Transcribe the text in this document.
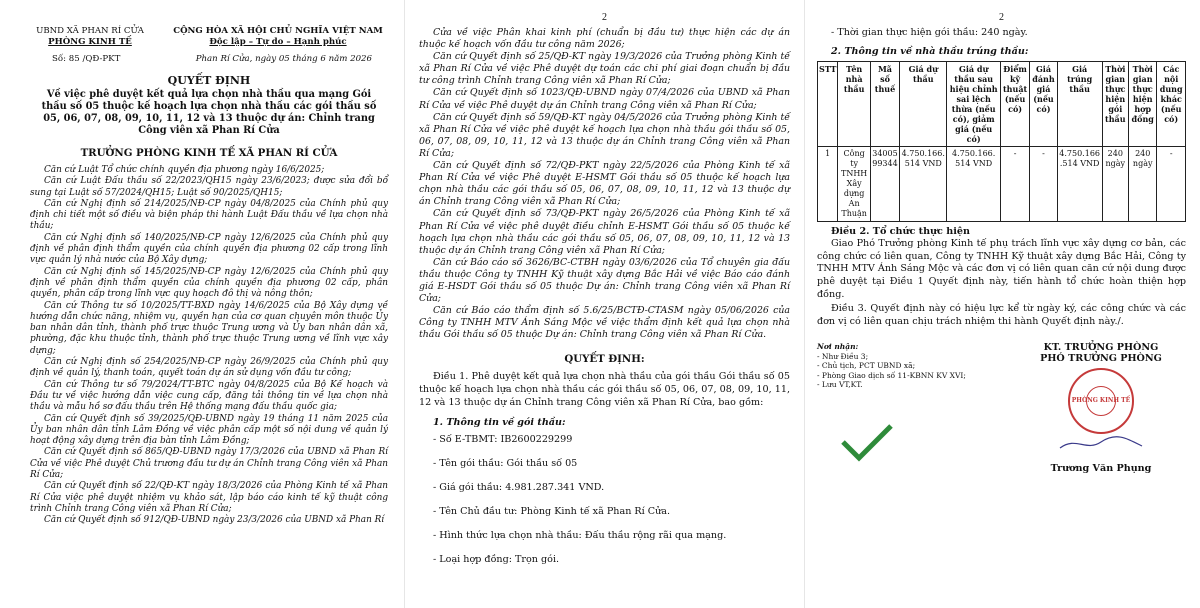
UBND XÃ PHAN RÍ CỬA
PHÒNG KINH TẾ
CỘNG HÒA XÃ HỘI CHỦ NGHĨA VIỆT NAM
Độc lập – Tự do – Hạnh phúc
Số: 85 /QĐ-PKT	Phan Rí Cửa, ngày 05 tháng 6 năm 2026
QUYẾT ĐỊNH
Về việc phê duyệt kết quả lựa chọn nhà thầu qua mạng Gói thầu số 05 thuộc kế hoạch lựa chọn nhà thầu các gói thầu số 05, 06, 07, 08, 09, 10, 11, 12 và 13 thuộc dự án: Chỉnh trang Công viên xã Phan Rí Cửa
TRƯỞNG PHÒNG KINH TẾ XÃ PHAN RÍ CỬA

Căn cứ Luật Tổ chức chính quyền địa phương ngày 16/6/2025;

Căn cứ Luật Đấu thầu số 22/2023/QH15 ngày 23/6/2023; được sửa đổi bổ sung tại Luật số 57/2024/QH15; Luật số 90/2025/QH15;

Căn cứ Nghị định số 214/2025/NĐ-CP ngày 04/8/2025 của Chính phủ quy định chi tiết một số điều và biện pháp thi hành Luật Đấu thầu về lựa chọn nhà thầu;

Căn cứ Nghị định số 140/2025/NĐ-CP ngày 12/6/2025 của Chính phủ quy định về phân định thẩm quyền của chính quyền địa phương 02 cấp trong lĩnh vực quản lý nhà nước của Bộ Xây dựng;

Căn cứ Nghị định số 145/2025/NĐ-CP ngày 12/6/2025 của Chính phủ quy định về phân định thẩm quyền của chính quyền địa phương 02 cấp, phân quyền, phân cấp trong lĩnh vực quy hoạch đô thị và nông thôn;

Căn cứ Thông tư số 10/2025/TT-BXD ngày 14/6/2025 của Bộ Xây dựng về hướng dẫn chức năng, nhiệm vụ, quyền hạn của cơ quan chuyên môn thuộc Ủy ban nhân dân tỉnh, thành phố trực thuộc Trung ương và Ủy ban nhân dân xã, phường, đặc khu thuộc tỉnh, thành phố trực thuộc Trung ương về lĩnh vực xây dựng;

Căn cứ Nghị định số 254/2025/NĐ-CP ngày 26/9/2025 của Chính phủ quy định về quản lý, thanh toán, quyết toán dự án sử dụng vốn đầu tư công;

Căn cứ Thông tư số 79/2024/TT-BTC ngày 04/8/2025 của Bộ Kế hoạch và Đầu tư về việc hướng dẫn việc cung cấp, đăng tải thông tin về lựa chọn nhà thầu và mẫu hồ sơ đấu thầu trên Hệ thống mạng đấu thầu quốc gia;

Căn cứ Quyết định số 39/2025/QĐ-UBND ngày 19 tháng 11 năm 2025 của Ủy ban nhân dân tỉnh Lâm Đồng về việc phân cấp một số nội dung về quản lý hoạt động xây dựng trên địa bàn tỉnh Lâm Đồng;

Căn cứ Quyết định số 865/QĐ-UBND ngày 17/3/2026 của UBND xã Phan Rí Cửa về việc Phê duyệt Chủ trương đầu tư dự án Chỉnh trang Công viên xã Phan Rí Cửa;

Căn cứ Quyết định số 22/QĐ-KT ngày 18/3/2026 của Phòng Kinh tế xã Phan Rí Cửa việc phê duyệt nhiệm vụ khảo sát, lập báo cáo kinh tế kỹ thuật công trình Chỉnh trang Công viên xã Phan Rí Cửa;

Căn cứ Quyết định số 912/QĐ-UBND ngày 23/3/2026 của UBND xã Phan Rí

2

Cửa về việc Phân khai kinh phí (chuẩn bị đầu tư) thực hiện các dự án thuộc kế hoạch vốn đầu tư công năm 2026;

Căn cứ Quyết định số 25/QĐ-KT ngày 19/3/2026 của Trưởng phòng Kinh tế xã Phan Rí Cửa về việc Phê duyệt dự toán các chi phí giai đoạn chuẩn bị đầu tư công trình Chỉnh trang Công viên xã Phan Rí Cửa;

Căn cứ Quyết định số 1023/QĐ-UBND ngày 07/4/2026 của UBND xã Phan Rí Cửa về việc Phê duyệt dự án Chỉnh trang Công viên xã Phan Rí Cửa;

Căn cứ Quyết định số 59/QĐ-KT ngày 04/5/2026 của Trưởng phòng Kinh tế xã Phan Rí Cửa về việc phê duyệt kế hoạch lựa chọn nhà thầu gói thầu số 05, 06, 07, 08, 09, 10, 11, 12 và 13 thuộc dự án Chỉnh trang Công viên xã Phan Rí Cửa;

Căn cứ Quyết định số 72/QĐ-PKT ngày 22/5/2026 của Phòng Kinh tế xã Phan Rí Cửa về việc Phê duyệt E-HSMT Gói thầu số 05 thuộc kế hoạch lựa chọn nhà thầu các gói thầu số 05, 06, 07, 08, 09, 10, 11, 12 và 13 thuộc dự án Chỉnh trang Công viên xã Phan Rí Cửa;

Căn cứ Quyết định số 73/QĐ-PKT ngày 26/5/2026 của Phòng Kinh tế xã Phan Rí Cửa về việc phê duyệt điều chỉnh E-HSMT Gói thầu số 05 thuộc kế hoạch lựa chọn nhà thầu các gói thầu số 05, 06, 07, 08, 09, 10, 11, 12 và 13 thuộc dự án Chỉnh trang Công viên xã Phan Rí Cửa;

Căn cứ Báo cáo số 3626/BC-CTBH ngày 03/6/2026 của Tổ chuyên gia đấu thầu thuộc Công ty TNHH Kỹ thuật xây dựng Bắc Hải về việc Báo cáo đánh giá E-HSDT Gói thầu số 05 thuộc Dự án: Chỉnh trang Công viên xã Phan Rí Cửa;

Căn cứ Báo cáo thẩm định số 5.6/25/BCTĐ-CTASM ngày 05/06/2026 của Công ty TNHH MTV Ánh Sáng Mộc về việc thẩm định kết quả lựa chọn nhà thầu Gói thầu số 05 thuộc Dự án: Chỉnh trang Công viên xã Phan Rí Cửa.

QUYẾT ĐỊNH:
Điều 1. Phê duyệt kết quả lựa chọn nhà thầu của gói thầu Gói thầu số 05 thuộc kế hoạch lựa chọn nhà thầu các gói thầu số 05, 06, 07, 08, 09, 10, 11, 12 và 13 thuộc dự án Chỉnh trang Công viên xã Phan Rí Cửa, bao gồm:
1. Thông tin về gói thầu:
- Số E-TBMT: IB2600229299
- Tên gói thầu: Gói thầu số 05
- Giá gói thầu: 4.981.287.341 VND.
- Tên Chủ đầu tư: Phòng Kinh tế xã Phan Rí Cửa.
- Hình thức lựa chọn nhà thầu: Đấu thầu rộng rãi qua mạng.
- Loại hợp đồng: Trọn gói.
2
- Thời gian thực hiện gói thầu: 240 ngày.
2. Thông tin về nhà thầu trúng thầu:
STT	Tên nhà thầu	Mã số thuế	Giá dự thầu	Giá dự thầu sau hiệu chỉnh sai lệch thừa (nếu có), giảm giá (nếu có)	Điểm kỹ thuật (nếu có)	Giá đánh giá (nếu có)	Giá trúng thầu	Thời gian thực hiện gói thầu	Thời gian thực hiện hợp đồng	Các nội dung khác (nếu có)
1	Công ty TNHH Xây dựng An Thuận	34005 99344	4.750.166. 514 VND	4.750.166. 514 VND	-	-	4.750.166 .514 VND	240 ngày	240 ngày	-
Điều 2. Tổ chức thực hiện
Giao Phó Trưởng phòng Kinh tế phụ trách lĩnh vực xây dựng cơ bản, các công chức có liên quan, Công ty TNHH Kỹ thuật xây dựng Bắc Hải, Công ty TNHH MTV Ánh Sáng Mộc và các đơn vị có liên quan căn cứ nội dung được phê duyệt tại Điều 1 Quyết định này, tiến hành tổ chức hoàn thiện hợp đồng.
Điều 3. Quyết định này có hiệu lực kể từ ngày ký, các công chức và các đơn vị có liên quan chịu trách nhiệm thi hành Quyết định này./.
Nơi nhận:
- Như Điều 3;
- Chủ tịch, PCT UBND xã;
- Phòng Giao dịch số 11-KBNN KV XVI;
- Lưu VT,KT.
KT. TRƯỞNG PHÒNG
PHÓ TRƯỞNG PHÒNG
PHÒNG KINH TẾ
Trương Văn Phụng
